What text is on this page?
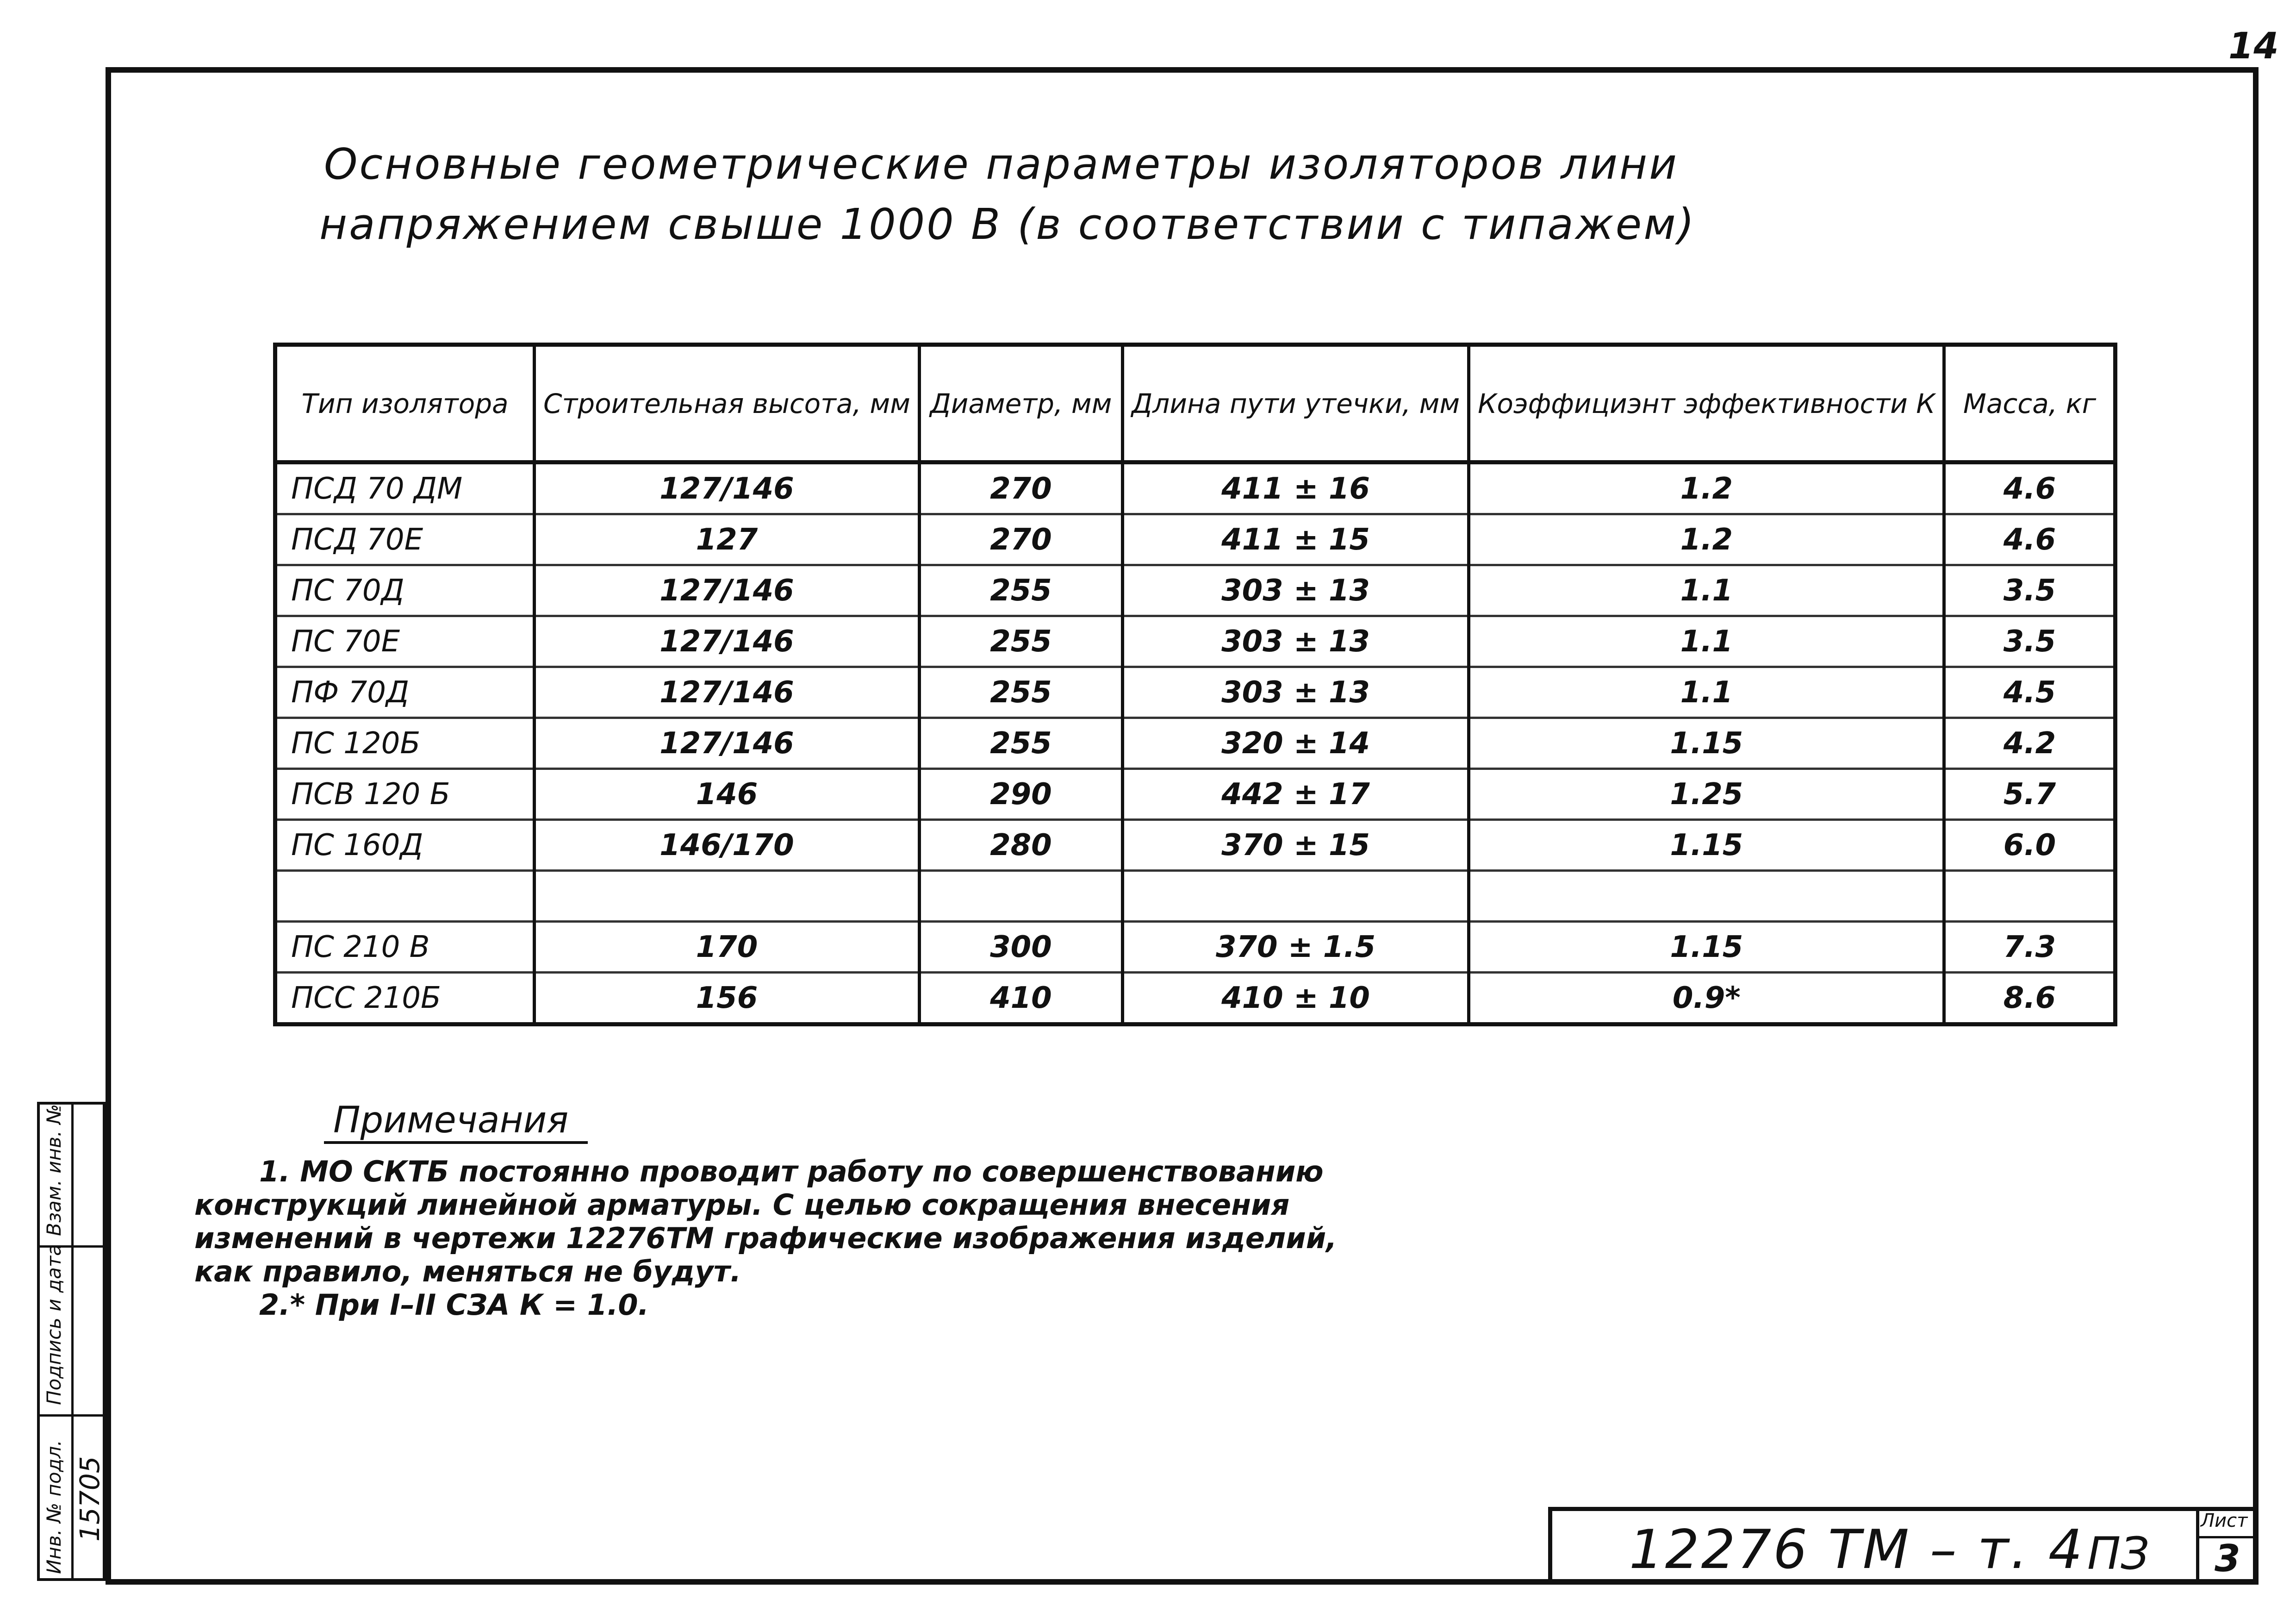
14
Основные геометрические параметры изоляторов лини
напряжением свыше 1000 В (в соответствии с типажем)
Тип изолятора	Строительная высота, мм	Диаметр, мм	Длина пути утечки, мм	Коэффициэнт эффективности К	Масса, кг
ПСД 70 ДМ	127/146	270	411 ± 16	1.2	4.6
ПСД 70Е	127	270	411 ± 15	1.2	4.6
ПС 70Д	127/146	255	303 ± 13	1.1	3.5
ПС 70Е	127/146	255	303 ± 13	1.1	3.5
ПФ 70Д	127/146	255	303 ± 13	1.1	4.5
ПС 120Б	127/146	255	320 ± 14	1.15	4.2
ПСВ 120 Б	146	290	442 ± 17	1.25	5.7
ПС 160Д	146/170	280	370 ± 15	1.15	6.0

ПС 210 В	170	300	370 ± 1.5	1.15	7.3
ПСС 210Б	156	410	410 ± 10	0.9*	8.6
Примечания

1. МО СКТБ постоянно проводит работу по совершенствованию

конструкций линейной арматуры. С целью сокращения внесения

изменений в чертежи 12276ТМ графические изображения изделий,

как правило, меняться не будут.

2.* При I–II СЗА К = 1.0.

Взам. инв. №
Подпись и дата
Инв. № подл. 15705
12276 ТМ – т. 4 ПЗ
Лист
3
